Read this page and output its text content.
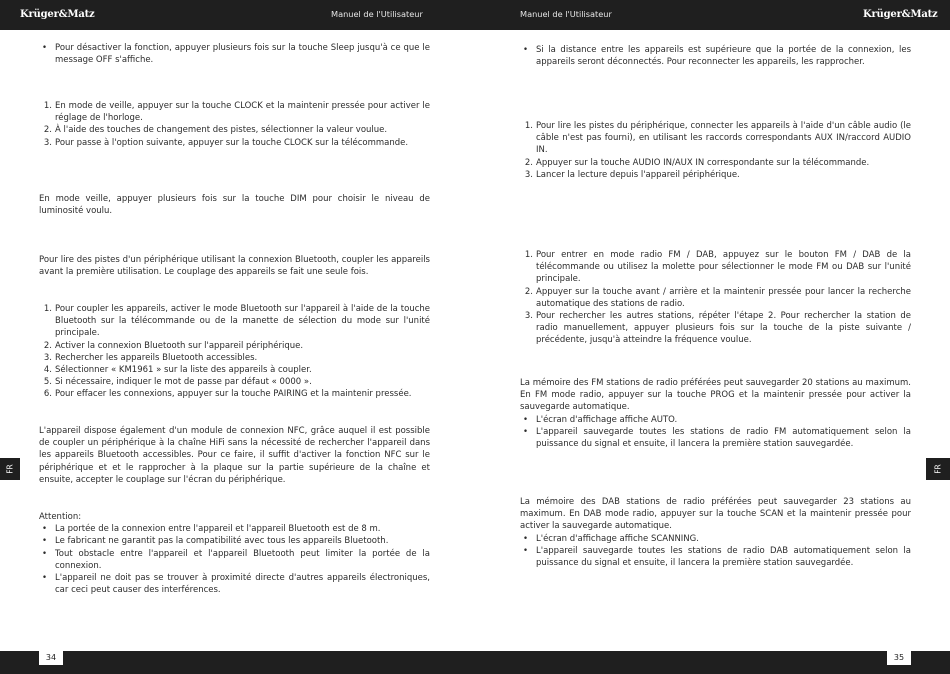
Krüger&Matz	Manuel de l'Utilisateur	Manuel de l'Utilisateur	Krüger&Matz
34	35
FR	FR
• Pour désactiver la fonction, appuyer plusieurs fois sur la touche Sleep jusqu'à ce que le message OFF s'affiche.
1. En mode de veille, appuyer sur la touche CLOCK et la maintenir pressée pour activer le réglage de l'horloge.
2. À l'aide des touches de changement des pistes, sélectionner la valeur voulue.
3. Pour passe à l'option suivante, appuyer sur la touche CLOCK sur la télécommande.

En mode veille, appuyer plusieurs fois sur la touche DIM pour choisir le niveau de luminosité voulu.

Pour lire des pistes d'un périphérique utilisant la connexion Bluetooth, coupler les appareils avant la première utilisation. Le couplage des appareils se fait une seule fois.

1. Pour coupler les appareils, activer le mode Bluetooth sur l'appareil à l'aide de la touche Bluetooth sur la télécommande ou de la manette de sélection du mode sur l'unité principale.
2. Activer la connexion Bluetooth sur l'appareil périphérique.
3. Rechercher les appareils Bluetooth accessibles.
4. Sélectionner « KM1961 » sur la liste des appareils à coupler.
5. Si nécessaire, indiquer le mot de passe par défaut « 0000 ».
6. Pour effacer les connexions, appuyer sur la touche PAIRING et la maintenir pressée.

L'appareil dispose également d'un module de connexion NFC, grâce auquel il est possible de coupler un périphérique à la chaîne HiFi sans la nécessité de rechercher l'appareil dans les appareils Bluetooth accessibles. Pour ce faire, il suffit d'activer la fonction NFC sur le périphérique et et le rapprocher à la plaque sur la partie supérieure de la chaîne et ensuite, accepter le couplage sur l'écran du périphérique.

Attention:

• La portée de la connexion entre l'appareil et l'appareil Bluetooth est de 8 m.
• Le fabricant ne garantit pas la compatibilité avec tous les appareils Bluetooth.
• Tout obstacle entre l'appareil et l'appareil Bluetooth peut limiter la portée de la connexion.
• L'appareil ne doit pas se trouver à proximité directe d'autres appareils électroniques, car ceci peut causer des interférences.
• Si la distance entre les appareils est supérieure que la portée de la connexion, les appareils seront déconnectés. Pour reconnecter les appareils, les rapprocher.
1. Pour lire les pistes du périphérique, connecter les appareils à l'aide d'un câble audio (le câble n'est pas fourni), en utilisant les raccords correspondants AUX IN/raccord AUDIO IN.
2. Appuyer sur la touche AUDIO IN/AUX IN correspondante sur la télécommande.
3. Lancer la lecture depuis l'appareil périphérique.
1. Pour entrer en mode radio FM / DAB, appuyez sur le bouton FM / DAB de la télécommande ou utilisez la molette pour sélectionner le mode FM ou DAB sur l'unité principale.
2. Appuyer sur la touche avant / arrière et la maintenir pressée pour lancer la recherche automatique des stations de radio.
3. Pour rechercher les autres stations, répéter l'étape 2. Pour rechercher la station de radio manuellement, appuyer plusieurs fois sur la touche de la piste suivante / précédente, jusqu'à atteindre la fréquence voulue.

La mémoire des FM stations de radio préférées peut sauvegarder 20 stations au maximum. En FM mode radio, appuyer sur la touche PROG et la maintenir pressée pour activer la sauvegarde automatique.

• L'écran d'affichage affiche AUTO.
• L'appareil sauvegarde toutes les stations de radio FM automatiquement selon la puissance du signal et ensuite, il lancera la première station sauvegardée.

La mémoire des DAB stations de radio préférées peut sauvegarder 23 stations au maximum. En DAB mode radio, appuyer sur la touche SCAN et la maintenir pressée pour activer la sauvegarde automatique.

• L'écran d'affichage affiche SCANNING.
• L'appareil sauvegarde toutes les stations de radio DAB automatiquement selon la puissance du signal et ensuite, il lancera la première station sauvegardée.
